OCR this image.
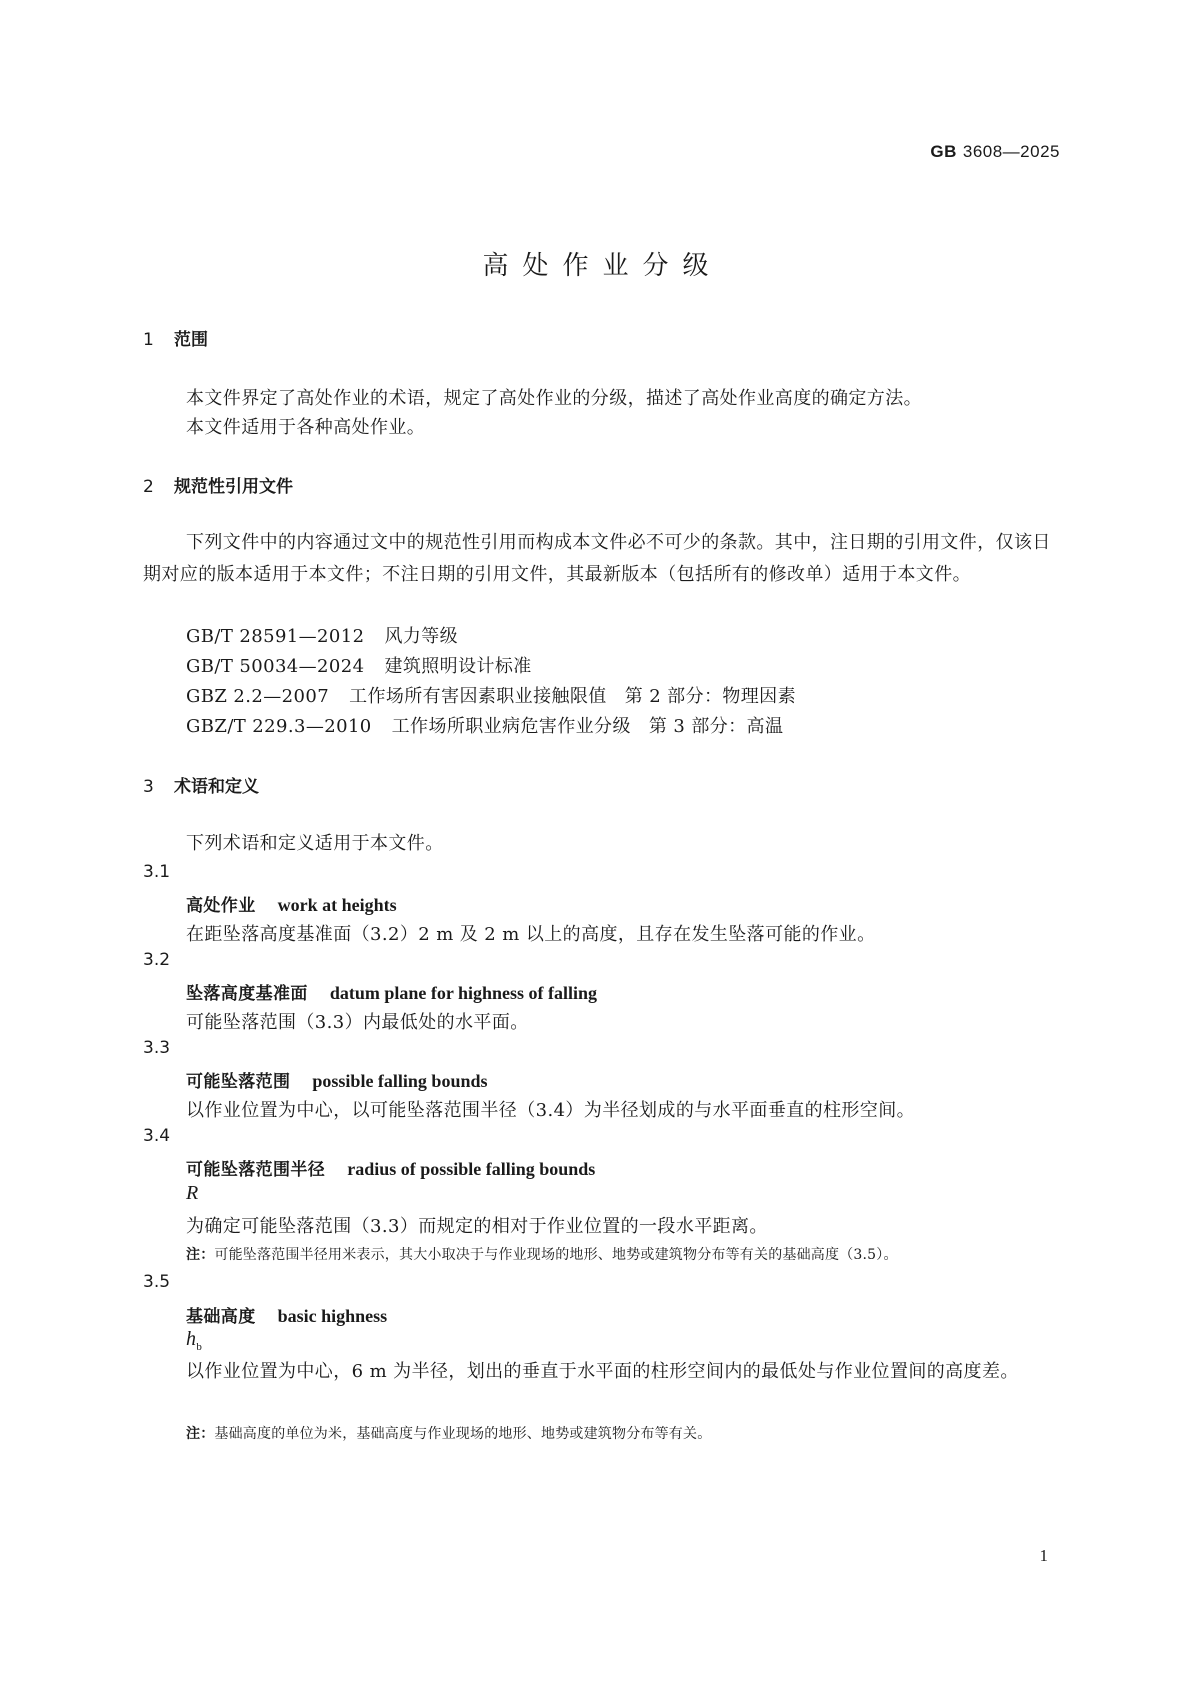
GB 3608—2025
高处作业分级
1 范围
本文件界定了高处作业的术语，规定了高处作业的分级，描述了高处作业高度的确定方法。
本文件适用于各种高处作业。
2 规范性引用文件
下列文件中的内容通过文中的规范性引用而构成本文件必不可少的条款。其中，注日期的引用文件，仅该日期对应的版本适用于本文件；不注日期的引用文件，其最新版本（包括所有的修改单）适用于本文件。
GB/T 28591—2012 风力等级
GB/T 50034—2024 建筑照明设计标准
GBZ 2.2—2007 工作场所有害因素职业接触限值 第 2 部分：物理因素
GBZ/T 229.3—2010 工作场所职业病危害作业分级 第 3 部分：高温
3 术语和定义
下列术语和定义适用于本文件。
3.1
高处作业 work at heights
在距坠落高度基准面（3.2）2 m 及 2 m 以上的高度，且存在发生坠落可能的作业。
3.2
坠落高度基准面 datum plane for highness of falling
可能坠落范围（3.3）内最低处的水平面。
3.3
可能坠落范围 possible falling bounds
以作业位置为中心，以可能坠落范围半径（3.4）为半径划成的与水平面垂直的柱形空间。
3.4
可能坠落范围半径 radius of possible falling bounds
R
为确定可能坠落范围（3.3）而规定的相对于作业位置的一段水平距离。
注：可能坠落范围半径用米表示，其大小取决于与作业现场的地形、地势或建筑物分布等有关的基础高度（3.5）。
3.5
基础高度 basic highness
$h_b$
以作业位置为中心，6 m 为半径，划出的垂直于水平面的柱形空间内的最低处与作业位置间的高度差。
注：基础高度的单位为米，基础高度与作业现场的地形、地势或建筑物分布等有关。
1
